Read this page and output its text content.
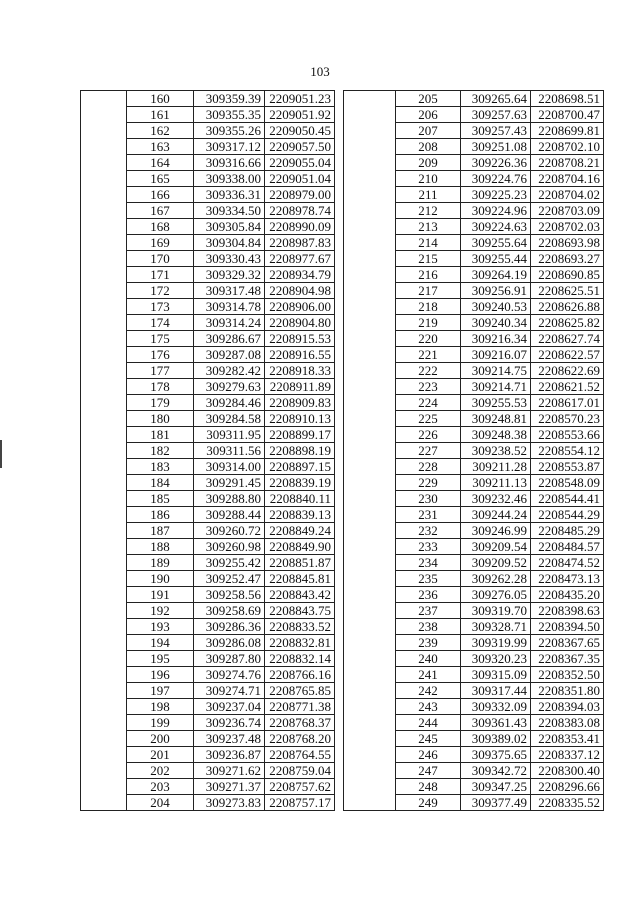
103
	160	309359.39	2209051.23
	161	309355.35	2209051.92
	162	309355.26	2209050.45
	163	309317.12	2209057.50
	164	309316.66	2209055.04
	165	309338.00	2209051.04
	166	309336.31	2208979.00
	167	309334.50	2208978.74
	168	309305.84	2208990.09
	169	309304.84	2208987.83
	170	309330.43	2208977.67
	171	309329.32	2208934.79
	172	309317.48	2208904.98
	173	309314.78	2208906.00
	174	309314.24	2208904.80
	175	309286.67	2208915.53
	176	309287.08	2208916.55
	177	309282.42	2208918.33
	178	309279.63	2208911.89
	179	309284.46	2208909.83
	180	309284.58	2208910.13
	181	309311.95	2208899.17
	182	309311.56	2208898.19
	183	309314.00	2208897.15
	184	309291.45	2208839.19
	185	309288.80	2208840.11
	186	309288.44	2208839.13
	187	309260.72	2208849.24
	188	309260.98	2208849.90
	189	309255.42	2208851.87
	190	309252.47	2208845.81
	191	309258.56	2208843.42
	192	309258.69	2208843.75
	193	309286.36	2208833.52
	194	309286.08	2208832.81
	195	309287.80	2208832.14
	196	309274.76	2208766.16
	197	309274.71	2208765.85
	198	309237.04	2208771.38
	199	309236.74	2208768.37
	200	309237.48	2208768.20
	201	309236.87	2208764.55
	202	309271.62	2208759.04
	203	309271.37	2208757.62
	204	309273.83	2208757.17
	205	309265.64	2208698.51
	206	309257.63	2208700.47
	207	309257.43	2208699.81
	208	309251.08	2208702.10
	209	309226.36	2208708.21
	210	309224.76	2208704.16
	211	309225.23	2208704.02
	212	309224.96	2208703.09
	213	309224.63	2208702.03
	214	309255.64	2208693.98
	215	309255.44	2208693.27
	216	309264.19	2208690.85
	217	309256.91	2208625.51
	218	309240.53	2208626.88
	219	309240.34	2208625.82
	220	309216.34	2208627.74
	221	309216.07	2208622.57
	222	309214.75	2208622.69
	223	309214.71	2208621.52
	224	309255.53	2208617.01
	225	309248.81	2208570.23
	226	309248.38	2208553.66
	227	309238.52	2208554.12
	228	309211.28	2208553.87
	229	309211.13	2208548.09
	230	309232.46	2208544.41
	231	309244.24	2208544.29
	232	309246.99	2208485.29
	233	309209.54	2208484.57
	234	309209.52	2208474.52
	235	309262.28	2208473.13
	236	309276.05	2208435.20
	237	309319.70	2208398.63
	238	309328.71	2208394.50
	239	309319.99	2208367.65
	240	309320.23	2208367.35
	241	309315.09	2208352.50
	242	309317.44	2208351.80
	243	309332.09	2208394.03
	244	309361.43	2208383.08
	245	309389.02	2208353.41
	246	309375.65	2208337.12
	247	309342.72	2208300.40
	248	309347.25	2208296.66
	249	309377.49	2208335.52
